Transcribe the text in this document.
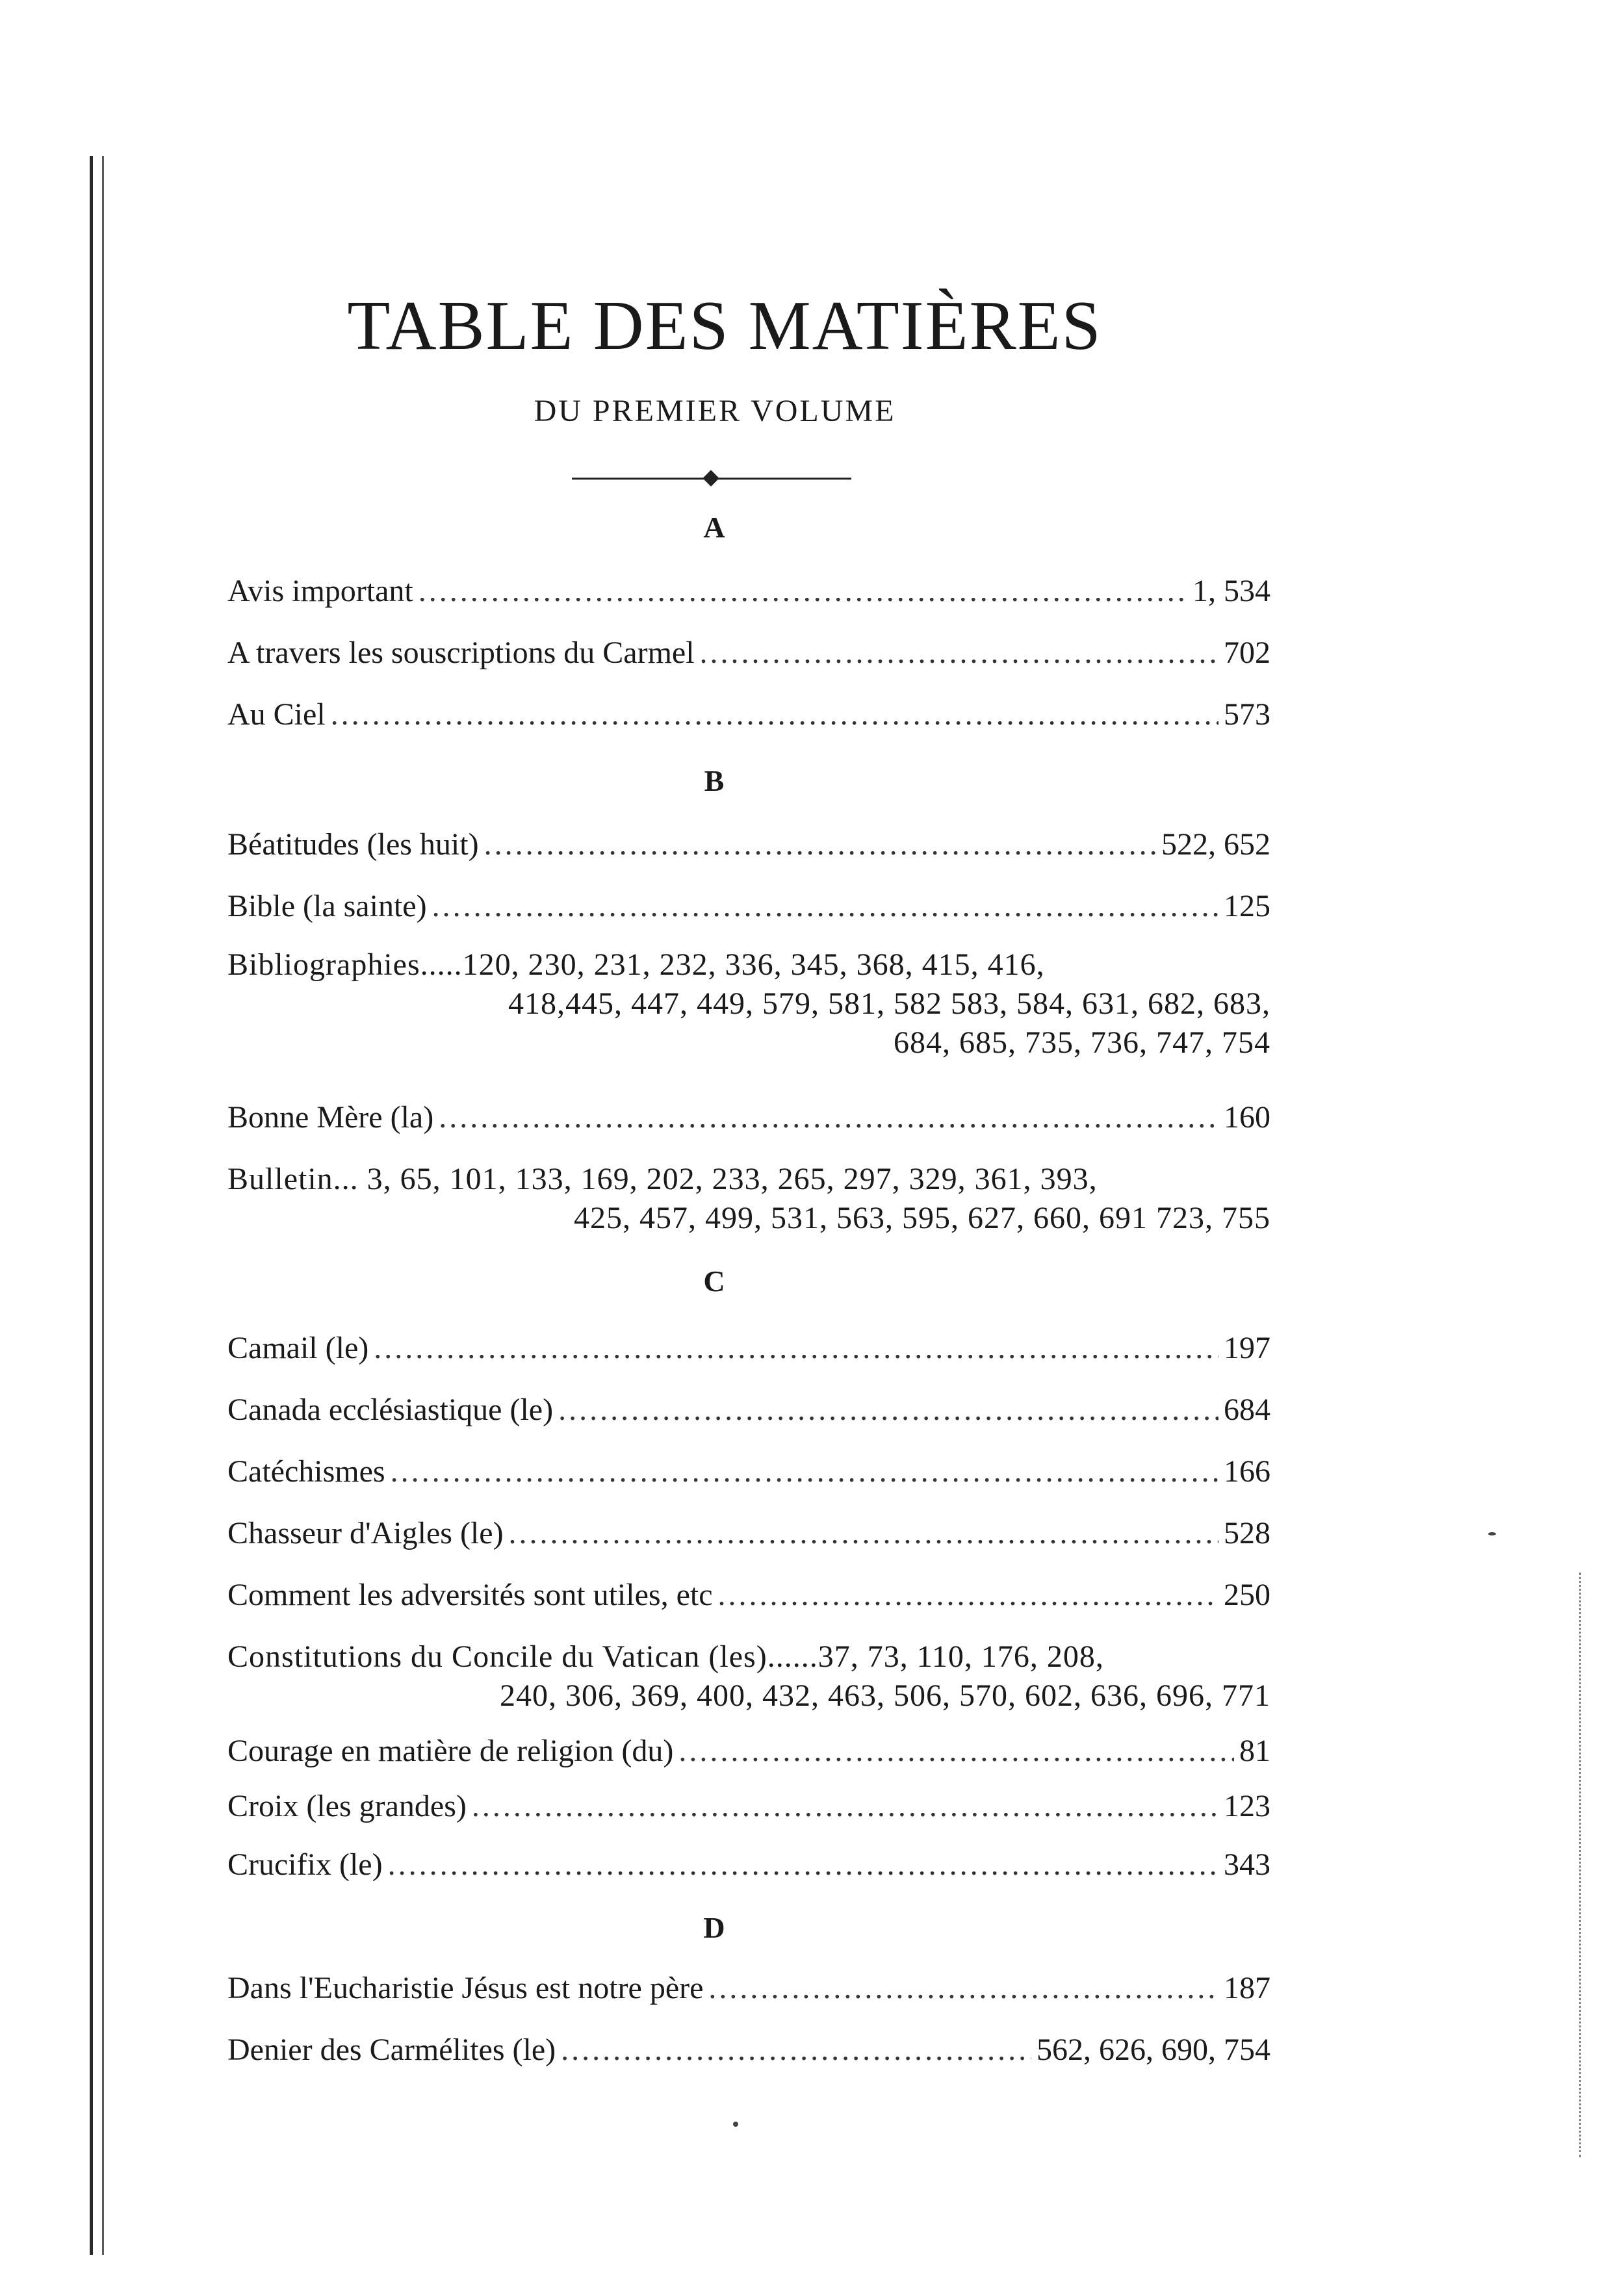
TABLE DES MATIÈRES
DU PREMIER VOLUME
A
Avis important .....	1, 534
A travers les souscriptions du Carmel .....	702
Au Ciel .....	573
B
Béatitudes (les huit) .....	522, 652
Bible (la sainte) .....	125
Bibliographies.....120, 230, 231, 232, 336, 345, 368, 415, 416,
418,445, 447, 449, 579, 581, 582 583, 584, 631, 682, 683,
684, 685, 735, 736, 747, 754
Bonne Mère (la) .....	160
Bulletin... 3, 65, 101, 133, 169, 202, 233, 265, 297, 329, 361, 393,
425, 457, 499, 531, 563, 595, 627, 660, 691 723, 755
C
Camail (le) .....	197
Canada ecclésiastique (le) .....	684
Catéchismes .....	166
Chasseur d'Aigles (le) .....	528
Comment les adversités sont utiles, etc .....	250
Constitutions du Concile du Vatican (les)......37, 73, 110, 176, 208,
240, 306, 369, 400, 432, 463, 506, 570, 602, 636, 696, 771
Courage en matière de religion (du) .....	81
Croix (les grandes) .....	123
Crucifix (le) .....	343
D
Dans l'Eucharistie Jésus est notre père .....	187
Denier des Carmélites (le) .....	562, 626, 690, 754
